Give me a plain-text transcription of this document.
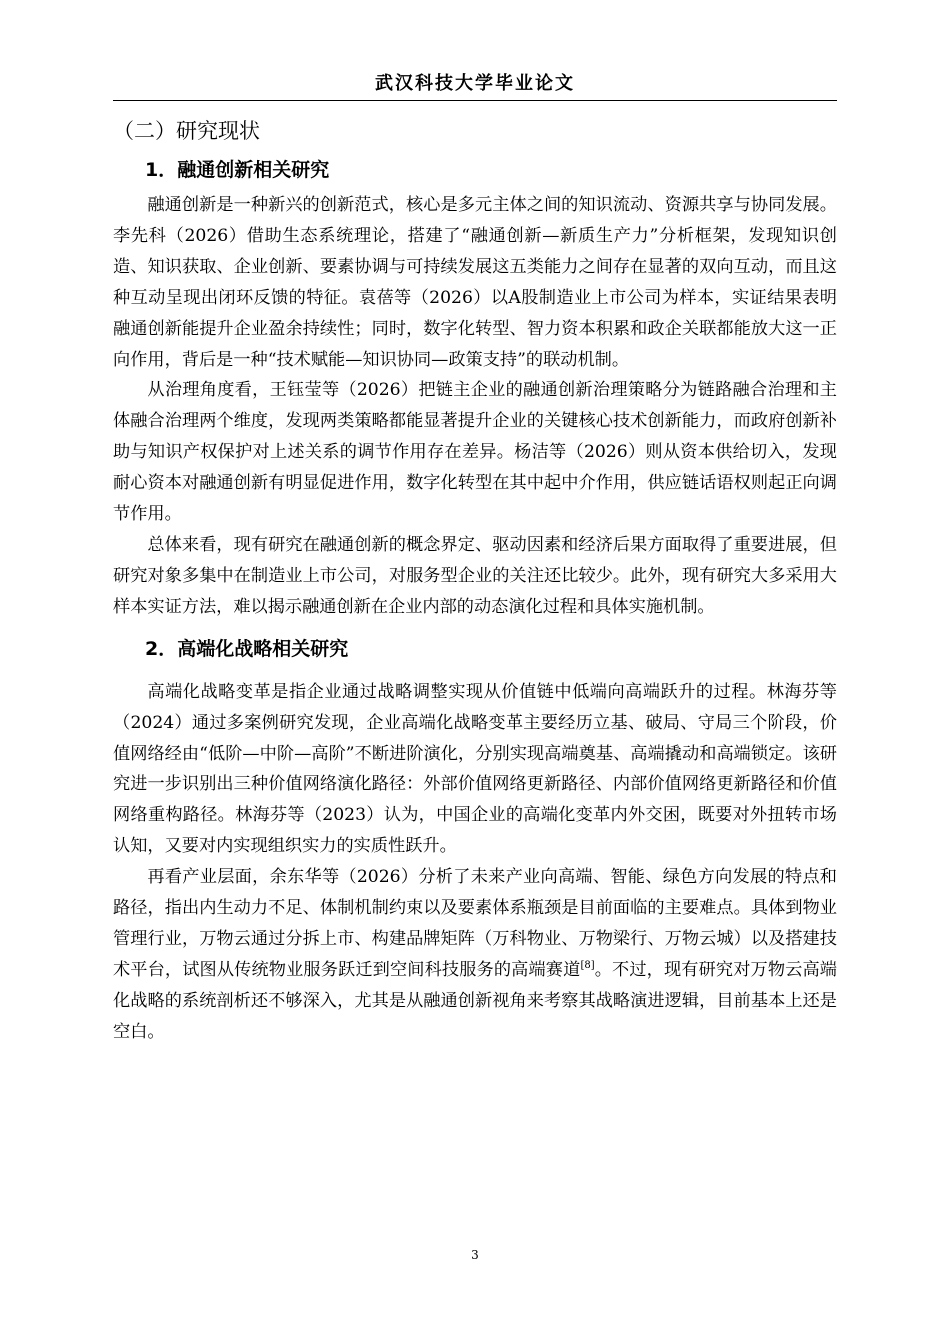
武汉科技大学毕业论文
（二）研究现状
1．融通创新相关研究

融通创新是一种新兴的创新范式，核心是多元主体之间的知识流动、资源共享与协同发展。李先科（2026）借助生态系统理论，搭建了“融通创新—新质生产力”分析框架，发现知识创造、知识获取、企业创新、要素协调与可持续发展这五类能力之间存在显著的双向互动，而且这种互动呈现出闭环反馈的特征。袁蓓等（2026）以A股制造业上市公司为样本，实证结果表明融通创新能提升企业盈余持续性；同时，数字化转型、智力资本积累和政企关联都能放大这一正向作用，背后是一种“技术赋能—知识协同—政策支持”的联动机制。

从治理角度看，王钰莹等（2026）把链主企业的融通创新治理策略分为链路融合治理和主体融合治理两个维度，发现两类策略都能显著提升企业的关键核心技术创新能力，而政府创新补助与知识产权保护对上述关系的调节作用存在差异。杨洁等（2026）则从资本供给切入，发现耐心资本对融通创新有明显促进作用，数字化转型在其中起中介作用，供应链话语权则起正向调节作用。

总体来看，现有研究在融通创新的概念界定、驱动因素和经济后果方面取得了重要进展，但研究对象多集中在制造业上市公司，对服务型企业的关注还比较少。此外，现有研究大多采用大样本实证方法，难以揭示融通创新在企业内部的动态演化过程和具体实施机制。

2．高端化战略相关研究

高端化战略变革是指企业通过战略调整实现从价值链中低端向高端跃升的过程。林海芬等（2024）通过多案例研究发现，企业高端化战略变革主要经历立基、破局、守局三个阶段，价值网络经由“低阶—中阶—高阶”不断进阶演化，分别实现高端奠基、高端撬动和高端锁定。该研究进一步识别出三种价值网络演化路径：外部价值网络更新路径、内部价值网络更新路径和价值网络重构路径。林海芬等（2023）认为，中国企业的高端化变革内外交困，既要对外扭转市场认知，又要对内实现组织实力的实质性跃升。

再看产业层面，余东华等（2026）分析了未来产业向高端、智能、绿色方向发展的特点和路径，指出内生动力不足、体制机制约束以及要素体系瓶颈是目前面临的主要难点。具体到物业管理行业，万物云通过分拆上市、构建品牌矩阵（万科物业、万物梁行、万物云城）以及搭建技术平台，试图从传统物业服务跃迁到空间科技服务的高端赛道[8]。不过，现有研究对万物云高端化战略的系统剖析还不够深入，尤其是从融通创新视角来考察其战略演进逻辑，目前基本上还是空白。

3
